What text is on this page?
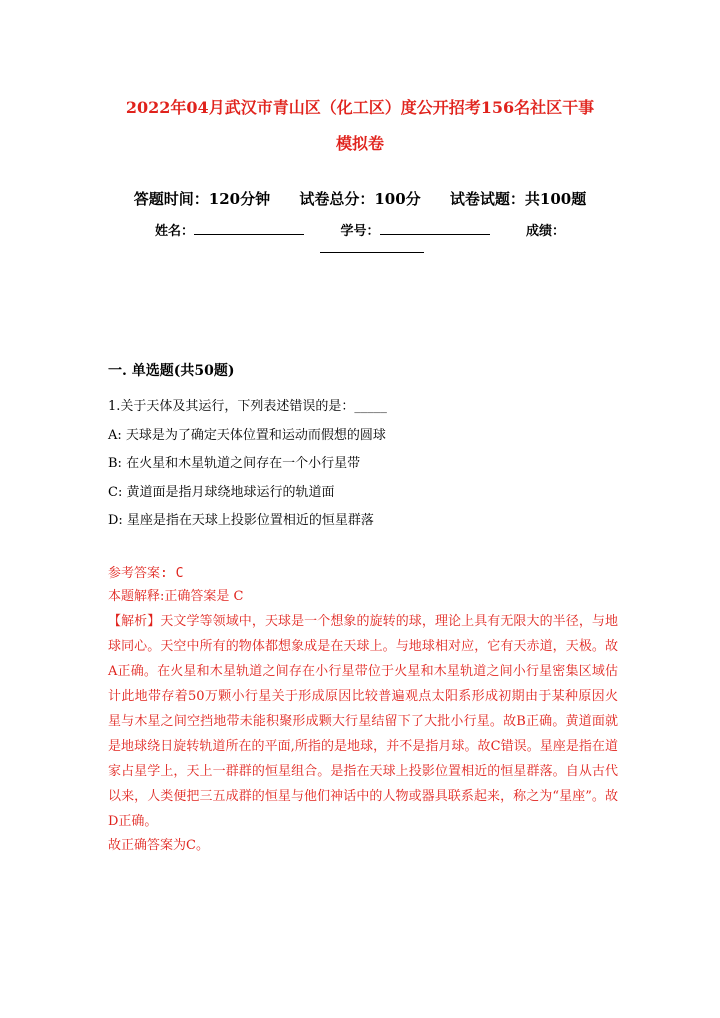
2022年04月武汉市青山区（化工区）度公开招考156名社区干事
模拟卷
答题时间：120分钟 试卷总分：100分 试卷试题：共100题
姓名：	学号：	成绩：
一. 单选题(共50题)
1.关于天体及其运行，下列表述错误的是：_____
A: 天球是为了确定天体位置和运动而假想的圆球
B: 在火星和木星轨道之间存在一个小行星带
C: 黄道面是指月球绕地球运行的轨道面
D: 星座是指在天球上投影位置相近的恒星群落
参考答案: C
本题解释:正确答案是 C
【解析】天文学等领域中，天球是一个想象的旋转的球，理论上具有无限大的半径，与地球同心。天空中所有的物体都想象成是在天球上。与地球相对应，它有天赤道，天极。故A正确。在火星和木星轨道之间存在小行星带位于火星和木星轨道之间小行星密集区域估计此地带存着50万颗小行星关于形成原因比较普遍观点太阳系形成初期由于某种原因火星与木星之间空挡地带未能积聚形成颗大行星结留下了大批小行星。故B正确。黄道面就是地球绕日旋转轨道所在的平面,所指的是地球，并不是指月球。故C错误。星座是指在道家占星学上，天上一群群的恒星组合。是指在天球上投影位置相近的恒星群落。自从古代以来，人类便把三五成群的恒星与他们神话中的人物或器具联系起来，称之为“星座”。故D正确。
故正确答案为C。
